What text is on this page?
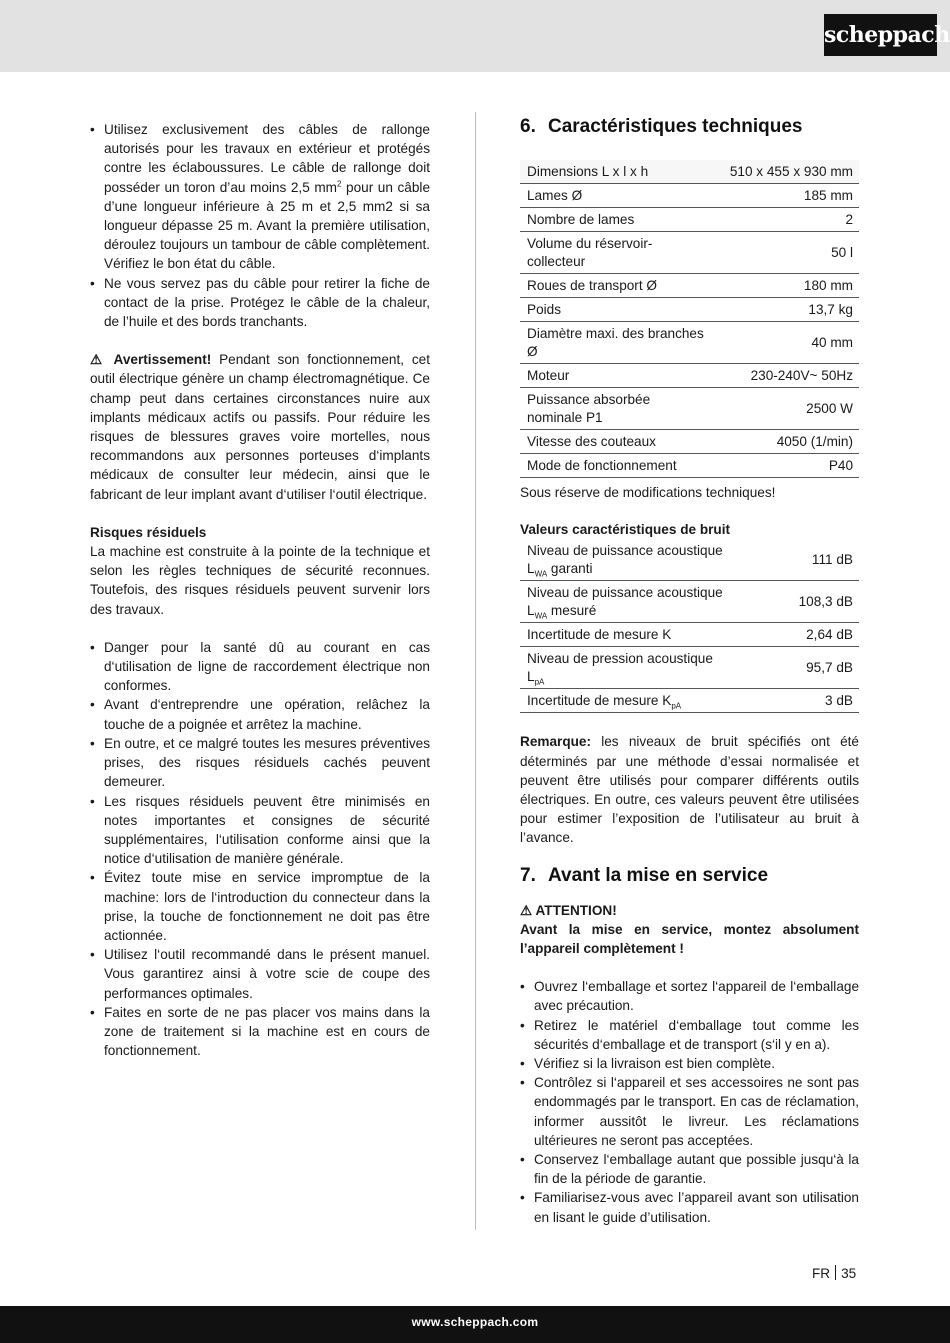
scheppach
• Utilisez exclusivement des câbles de rallonge autorisés pour les travaux en extérieur et protégés contre les éclaboussures. Le câble de rallonge doit posséder un toron d’au moins 2,5 $mm^2$ pour un câble d’une longueur inférieure à 25 m et 2,5 mm2 si sa longueur dépasse 25 m. Avant la première utilisation, déroulez toujours un tambour de câble complètement. Vérifiez le bon état du câble.
• Ne vous servez pas du câble pour retirer la fiche de contact de la prise. Protégez le câble de la chaleur, de l’huile et des bords tranchants.

⚠ Avertissement! Pendant son fonctionnement, cet outil électrique génère un champ électromagnétique. Ce champ peut dans certaines circonstances nuire aux implants médicaux actifs ou passifs. Pour réduire les risques de blessures graves voire mortelles, nous recommandons aux personnes porteuses d‘implants médicaux de consulter leur médecin, ainsi que le fabricant de leur implant avant d‘utiliser l‘outil électrique.

Risques résiduels

La machine est construite à la pointe de la technique et selon les règles techniques de sécurité reconnues. Toutefois, des risques résiduels peuvent survenir lors des travaux.

• Danger pour la santé dû au courant en cas d‘utilisation de ligne de raccordement électrique non conformes.
• Avant d‘entreprendre une opération, relâchez la touche de a poignée et arrêtez la machine.
• En outre, et ce malgré toutes les mesures préventives prises, des risques résiduels cachés peuvent demeurer.
• Les risques résiduels peuvent être minimisés en notes importantes et consignes de sécurité supplémentaires, l‘utilisation conforme ainsi que la notice d‘utilisation de manière générale.
• Évitez toute mise en service impromptue de la machine: lors de l‘introduction du connecteur dans la prise, la touche de fonctionnement ne doit pas être actionnée.
• Utilisez l‘outil recommandé dans le présent manuel. Vous garantirez ainsi à votre scie de coupe des performances optimales.
• Faites en sorte de ne pas placer vos mains dans la zone de traitement si la machine est en cours de fonctionnement.
6. Caractéristiques techniques
Dimensions L x l x h	510 x 455 x 930 mm
Lames Ø	185 mm
Nombre de lames	2
Volume du réservoir-collecteur	50 l
Roues de transport Ø	180 mm
Poids	13,7 kg
Diamètre maxi. des branches Ø	40 mm
Moteur	230-240V~ 50Hz
Puissance absorbée nominale P1	2500 W
Vitesse des couteaux	4050 (1/min)
Mode de fonctionnement	P40

Sous réserve de modifications techniques!

Valeurs caractéristiques de bruit

Niveau de puissance acoustique
$L_{WA}$ garanti	111 dB
Niveau de puissance acoustique
$L_{WA}$ mesuré	108,3 dB
Incertitude de mesure K	2,64 dB
Niveau de pression acoustique $L_{pA}$	95,7 dB
Incertitude de mesure $K_{pA}$	3 dB

Remarque: les niveaux de bruit spécifiés ont été déterminés par une méthode d’essai normalisée et peuvent être utilisés pour comparer différents outils électriques. En outre, ces valeurs peuvent être utilisées pour estimer l’exposition de l’utilisateur au bruit à l’avance.

7. Avant la mise en service

⚠ ATTENTION!

Avant la mise en service, montez absolument l’appareil complètement !

• Ouvrez l‘emballage et sortez l‘appareil de l‘emballage avec précaution.
• Retirez le matériel d‘emballage tout comme les sécurités d‘emballage et de transport (s‘il y en a).
• Vérifiez si la livraison est bien complète.
• Contrôlez si l‘appareil et ses accessoires ne sont pas endommagés par le transport. En cas de réclamation, informer aussitôt le livreur. Les réclamations ultérieures ne seront pas acceptées.
• Conservez l‘emballage autant que possible jusqu‘à la fin de la période de garantie.
• Familiarisez-vous avec l’appareil avant son utilisation en lisant le guide d’utilisation.
FR 35
www.scheppach.com
